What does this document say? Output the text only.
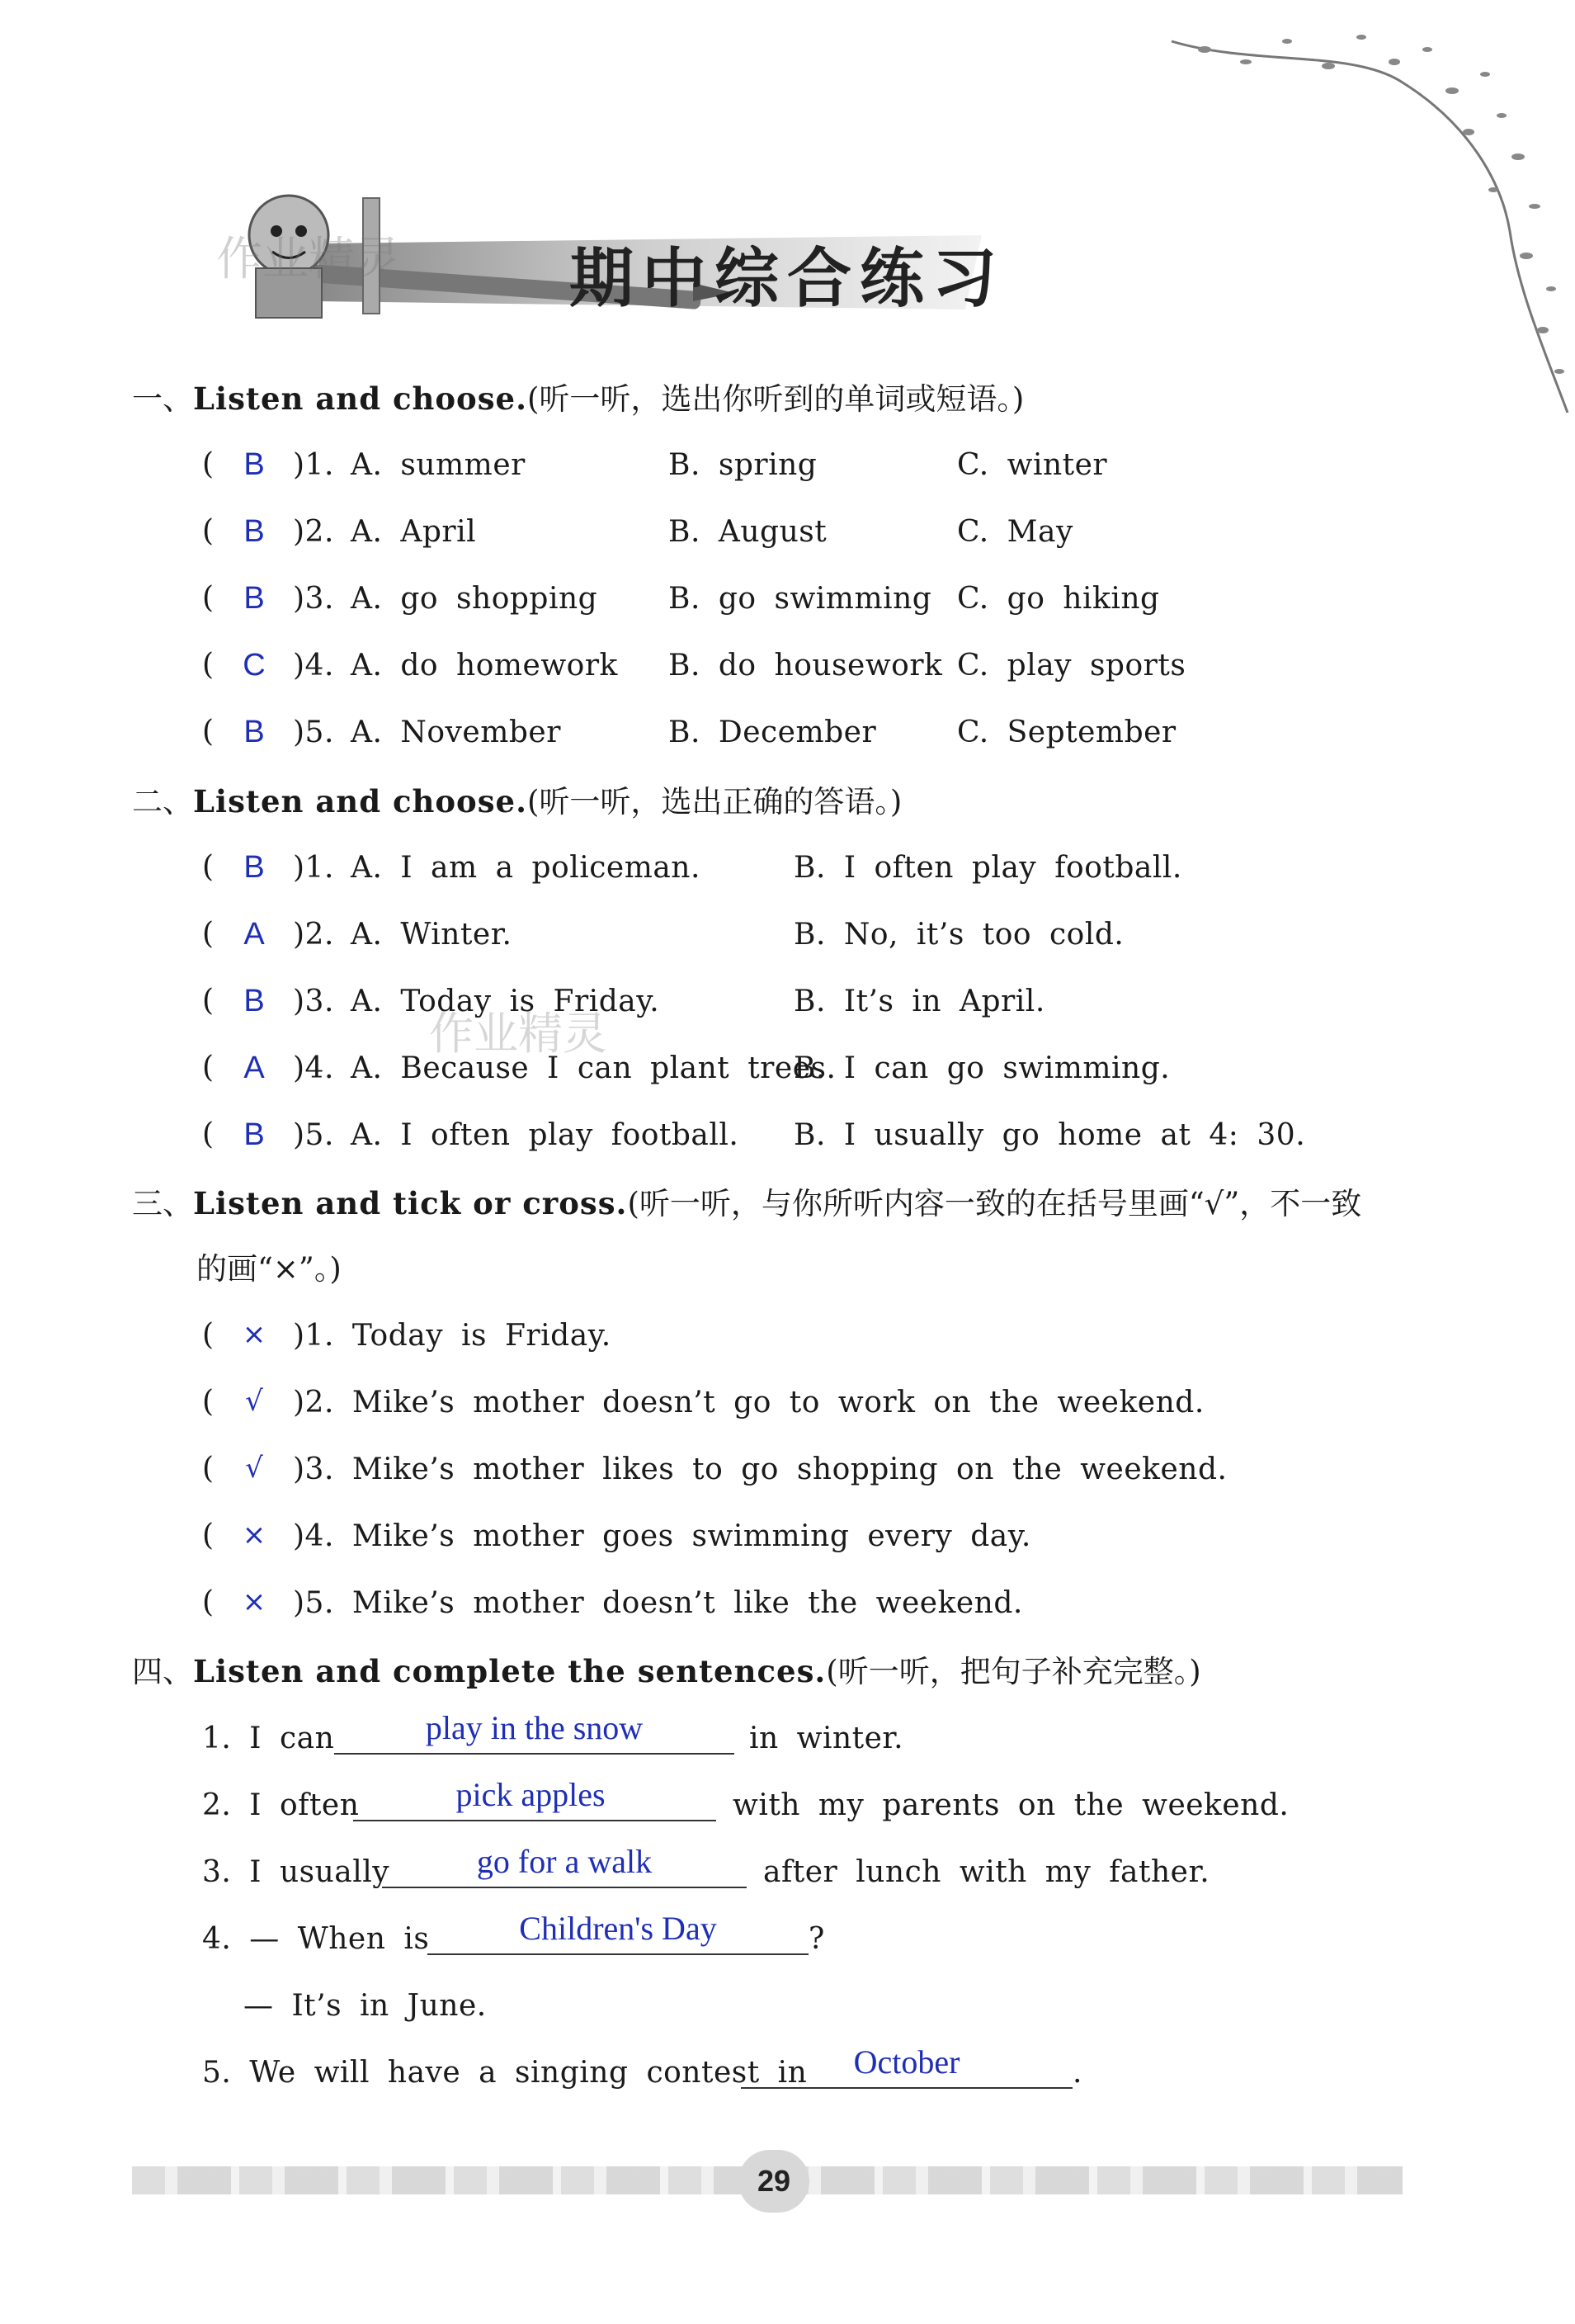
期中综合练习
作业精灵
一、Listen and choose.(听一听，选出你听到的单词或短语。)
( B )1. A. summer	B. spring	C. winter
( B )2. A. April	B. August	C. May
( B )3. A. go shopping B. go swimming C. go hiking
( C )4. A. do homework B. do housework C. play sports
( B )5. A. November	B. December	C. September
二、Listen and choose.(听一听，选出正确的答语。)
( B )1. A. I am a policeman.	B. I often play football.
( A )2. A. Winter.	B. No, it’s too cold.
( B )3. A. Today is Friday.	B. It’s in April.
( A )4. A. Because I can plant trees.
B. I can go swimming.
( B )5. A. I often play football. B. I usually go home at 4: 30.
作业精灵
三、Listen and tick or cross.(听一听，与你所听内容一致的在括号里画“√”，不一致
的画“×”。)
(	× )1. Today is Friday.
(	√	)2. Mike’s mother doesn’t go to work on the weekend.
(	√	)3. Mike’s mother likes to go shopping on the weekend.
(	× )4. Mike’s mother goes swimming every day.
(	× )5. Mike’s mother doesn’t like the weekend.
四、Listen and complete the sentences.(听一听，把句子补充完整。)
1. I can	play in the snow	in winter.
2. I often	pick apples	with my parents on the weekend.
3. I usually	go for a walk	after lunch with my father.
4. — When is	Children's Day	?
— It’s in June.
5. We will have a singing contest in	October	.
29
